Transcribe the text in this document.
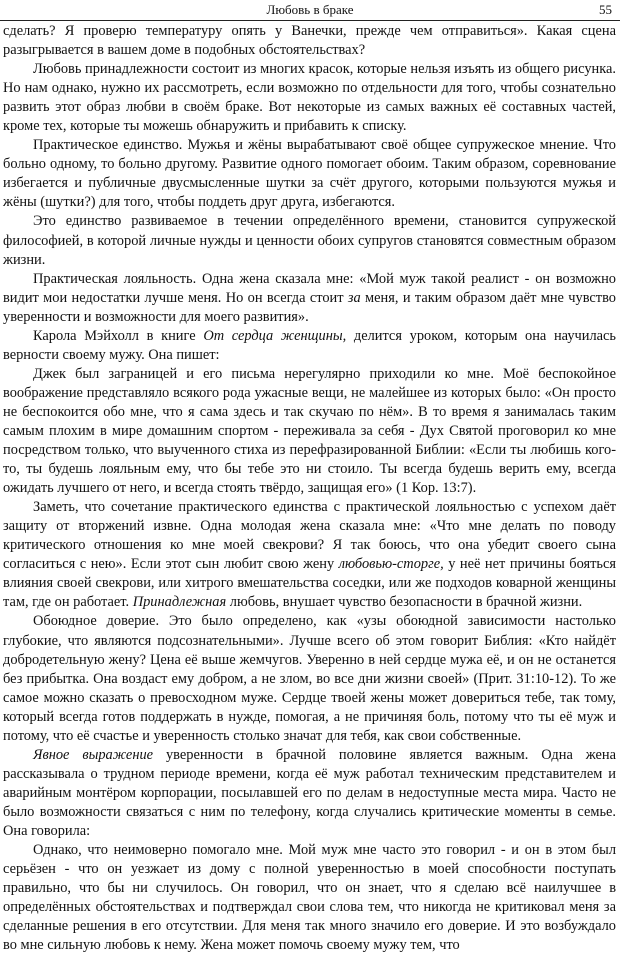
Любовь в браке	55

сделать? Я проверю температуру опять у Ванечки, прежде чем отправиться». Какая сцена разыгрывается в вашем доме в подобных обстоятельствах?

Любовь принадлежности состоит из многих красок, которые нельзя изъять из общего рисунка. Но нам однако, нужно их рассмотреть, если возможно по отдельности для того, чтобы сознательно развить этот образ любви в своём браке. Вот некоторые из самых важных её составных частей, кроме тех, которые ты можешь обнаружить и прибавить к списку.

Практическое единство. Мужья и жёны вырабатывают своё общее супружеское мнение. Что больно одному, то больно другому. Развитие одного помогает обоим. Таким образом, соревнование избегается и публичные двусмысленные шутки за счёт другого, которыми пользуются мужья и жёны (шутки?) для того, чтобы поддеть друг друга, избегаются.

Это единство развиваемое в течении определённого времени, становится супружеской философией, в которой личные нужды и ценности обоих супругов становятся совместным образом жизни.

Практическая лояльность. Одна жена сказала мне: «Мой муж такой реалист - он возможно видит мои недостатки лучше меня. Но он всегда стоит за меня, и таким образом даёт мне чувство уверенности и возможности для моего развития».

Карола Мэйхолл в книге От сердца женщины, делится уроком, которым она научилась верности своему мужу. Она пишет:

Джек был заграницей и его письма нерегулярно приходили ко мне. Моё беспокойное воображение представляло всякого рода ужасные вещи, не малейшее из которых было: «Он просто не беспокоится обо мне, что я сама здесь и так скучаю по нём». В то время я занималась таким самым плохим в мире домашним спортом - переживала за себя - Дух Святой проговорил ко мне посредством только, что выученного стиха из перефразированной Библии: «Если ты любишь кого-то, ты будешь лояльным ему, что бы тебе это ни стоило. Ты всегда будешь верить ему, всегда ожидать лучшего от него, и всегда стоять твёрдо, защищая его» (1 Кор. 13:7).

Заметь, что сочетание практического единства с практической лояльностью с успехом даёт защиту от вторжений извне. Одна молодая жена сказала мне: «Что мне делать по поводу критического отношения ко мне моей свекрови? Я так боюсь, что она убедит своего сына согласиться с нею». Если этот сын любит свою жену любовью-сторге, у неё нет причины бояться влияния своей свекрови, или хитрого вмешательства соседки, или же подходов коварной женщины там, где он работает. Принадлежная любовь, внушает чувство безопасности в брачной жизни.

Обоюдное доверие. Это было определено, как «узы обоюдной зависимости настолько глубокие, что являются подсознательными». Лучше всего об этом говорит Библия: «Кто найдёт добродетельную жену? Цена её выше жемчугов. Уверенно в ней сердце мужа её, и он не останется без прибытка. Она воздаст ему добром, а не злом, во все дни жизни своей» (Прит. 31:10-12). То же самое можно сказать о превосходном муже. Сердце твоей жены может довериться тебе, так тому, который всегда готов поддержать в нужде, помогая, а не причиняя боль, потому что ты её муж и потому, что её счастье и уверенность столько значат для тебя, как свои собственные.

Явное выражение уверенности в брачной половине является важным. Одна жена рассказывала о трудном периоде времени, когда её муж работал техническим представителем и аварийным монтёром корпорации, посылавшей его по делам в недоступные места мира. Часто не было возможности связаться с ним по телефону, когда случались критические моменты в семье. Она говорила:

Однако, что неимоверно помогало мне. Мой муж мне часто это говорил - и он в этом был серьёзен - что он уезжает из дому с полной уверенностью в моей способности поступать правильно, что бы ни случилось. Он говорил, что он знает, что я сделаю всё наилучшее в определённых обстоятельствах и подтверждал свои слова тем, что никогда не критиковал меня за сделанные решения в его отсутствии. Для меня так много значило его доверие. И это возбуждало во мне сильную любовь к нему. Жена может помочь своему мужу тем, что
